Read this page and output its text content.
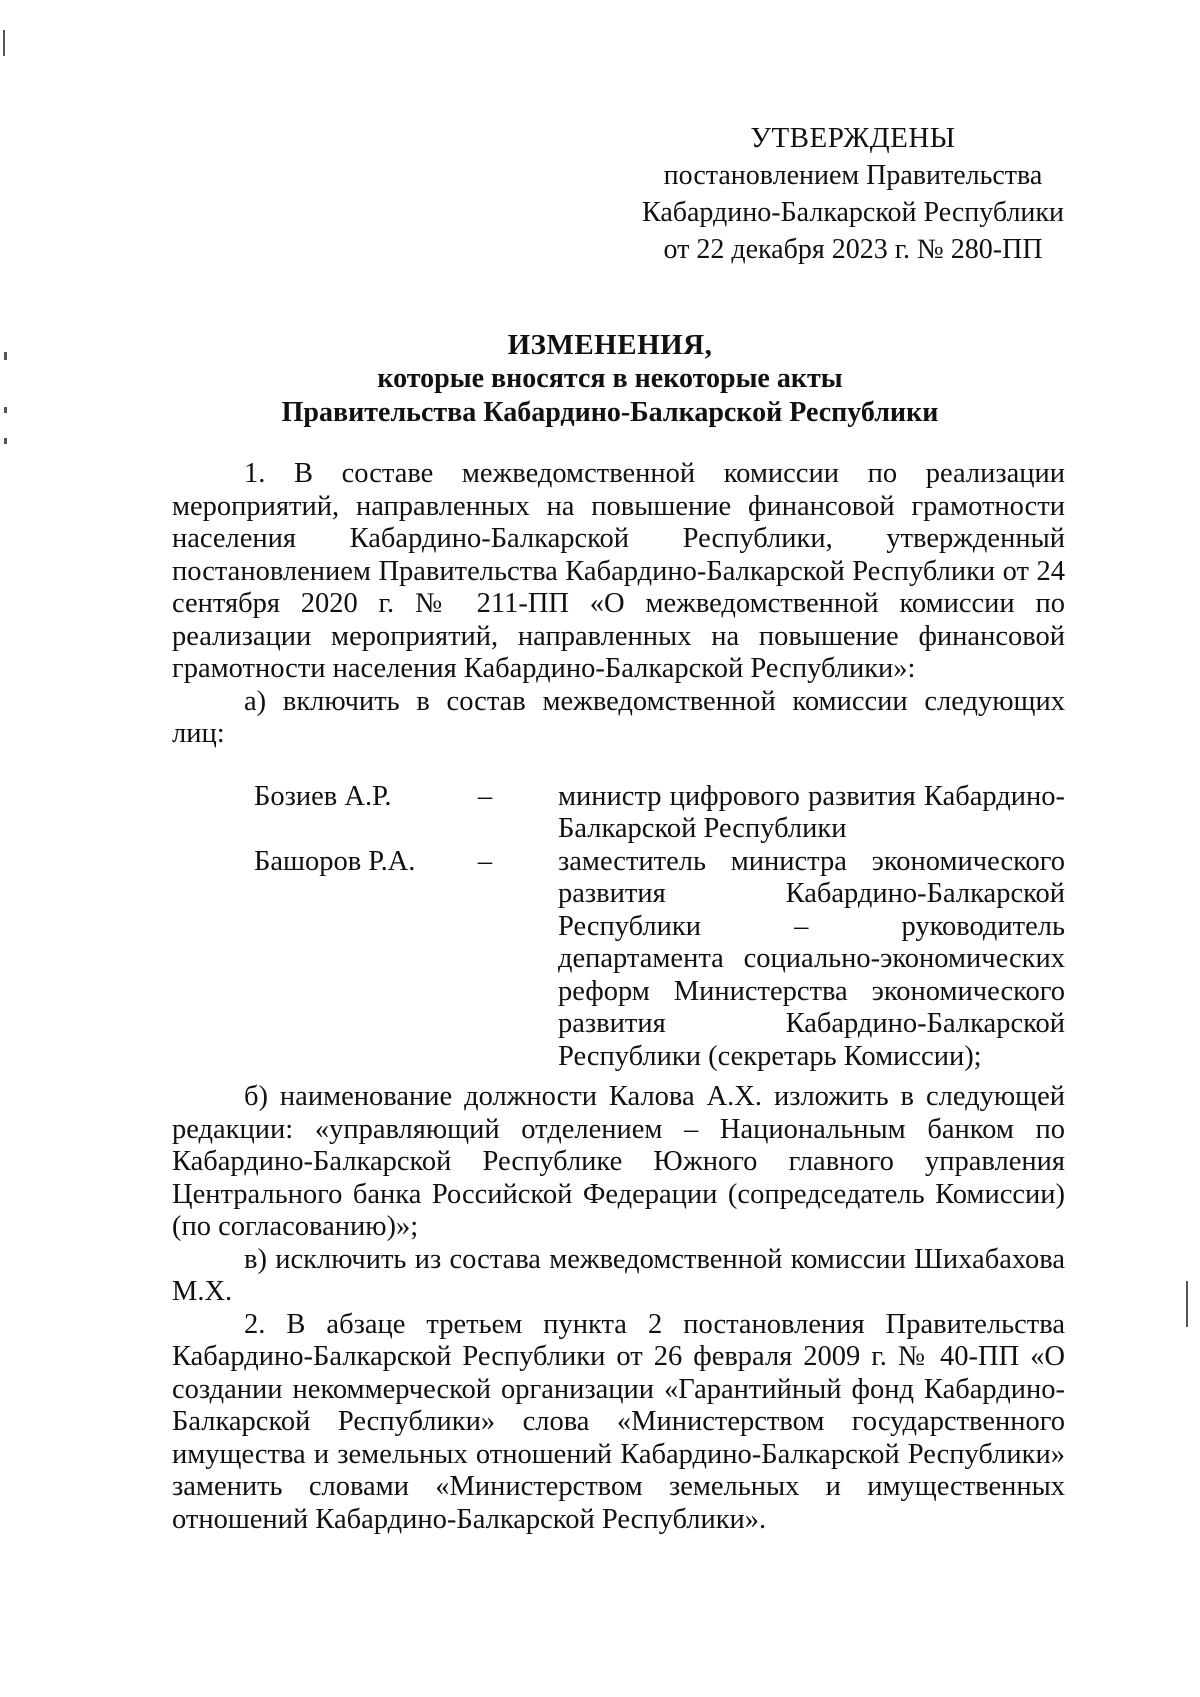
УТВЕРЖДЕНЫ
постановлением Правительства
Кабардино-Балкарской Республики
от 22 декабря 2023 г. № 280-ПП
ИЗМЕНЕНИЯ,
которые вносятся в некоторые акты
Правительства Кабардино-Балкарской Республики

1. В составе межведомственной комиссии по реализации мероприятий, направленных на повышение финансовой грамотности населения Кабардино-Балкарской Республики, утвержденный постановлением Правительства Кабардино-Балкарской Республики от 24 сентября 2020 г. № 211-ПП «О межведомственной комиссии по реализации мероприятий, направленных на повышение финансовой грамотности населения Кабардино-Балкарской Республики»:

а) включить в состав межведомственной комиссии следующих лиц:

Бозиев А.Р.	–	министр цифрового развития Кабардино-Балкарской Республики
Башоров Р.А.	–	заместитель министра экономического развития Кабардино-Балкарской Республики – руководитель департамента социально-экономических реформ Министерства экономического развития Кабардино-Балкарской Республики (секретарь Комиссии);

б) наименование должности Калова А.Х. изложить в следующей редакции: «управляющий отделением – Национальным банком по Кабардино-Балкарской Республике Южного главного управления Центрального банка Российской Федерации (сопредседатель Комиссии) (по согласованию)»;

в) исключить из состава межведомственной комиссии Шихабахова М.Х.

2. В абзаце третьем пункта 2 постановления Правительства Кабардино-Балкарской Республики от 26 февраля 2009 г. № 40-ПП «О создании некоммерческой организации «Гарантийный фонд Кабардино-Балкарской Республики» слова «Министерством государственного имущества и земельных отношений Кабардино-Балкарской Республики» заменить словами «Министерством земельных и имущественных отношений Кабардино-Балкарской Республики».
